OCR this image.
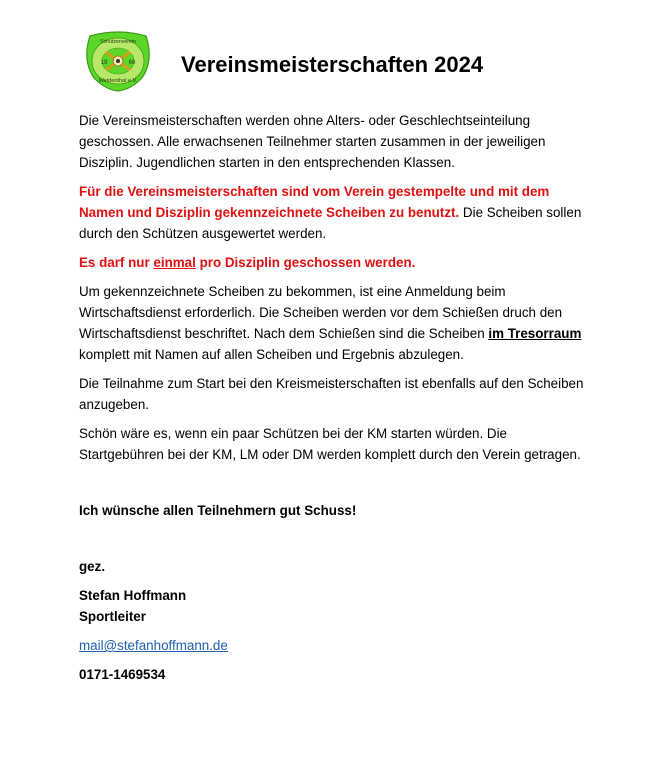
Schützenverein
19	66
Weidenthal e.V.
Vereinsmeisterschaften 2024

Die Vereinsmeisterschaften werden ohne Alters- oder Geschlechtseinteilung geschossen. Alle erwachsenen Teilnehmer starten zusammen in der jeweiligen Disziplin. Jugendlichen starten in den entsprechenden Klassen.

Für die Vereinsmeisterschaften sind vom Verein gestempelte und mit dem Namen und Disziplin gekennzeichnete Scheiben zu benutzt. Die Scheiben sollen durch den Schützen ausgewertet werden.

Es darf nur einmal pro Disziplin geschossen werden.

Um gekennzeichnete Scheiben zu bekommen, ist eine Anmeldung beim Wirtschaftsdienst erforderlich. Die Scheiben werden vor dem Schießen druch den Wirtschaftsdienst beschriftet. Nach dem Schießen sind die Scheiben im Tresorraum komplett mit Namen auf allen Scheiben und Ergebnis abzulegen.

Die Teilnahme zum Start bei den Kreismeisterschaften ist ebenfalls auf den Scheiben anzugeben.

Schön wäre es, wenn ein paar Schützen bei der KM starten würden. Die Startgebühren bei der KM, LM oder DM werden komplett durch den Verein getragen.

Ich wünsche allen Teilnehmern gut Schuss!

gez.

Stefan Hoffmann
Sportleiter

mail@stefanhoffmann.de

0171-1469534
